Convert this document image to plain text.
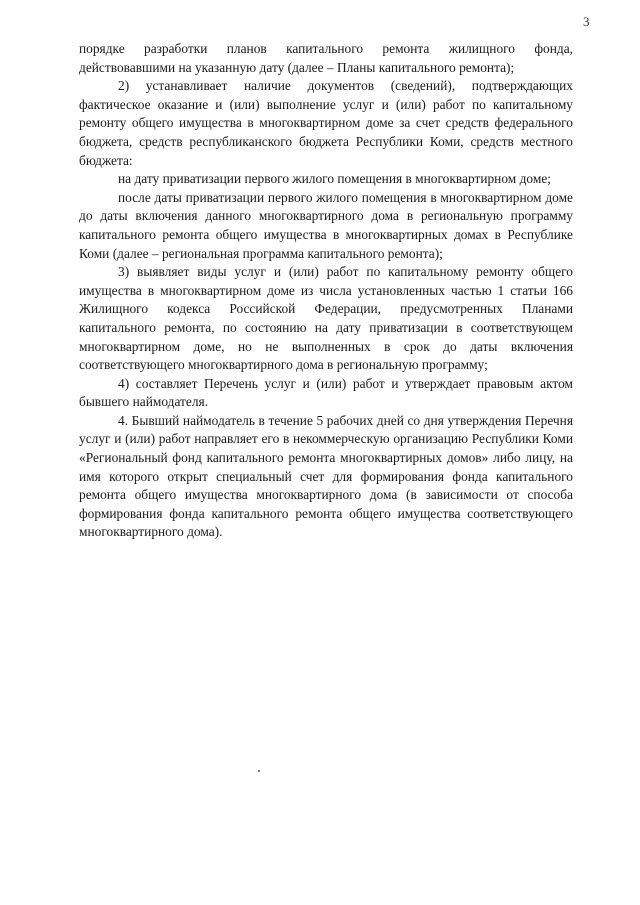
3

порядке разработки планов капитального ремонта жилищного фонда, действовавшими на указанную дату (далее – Планы капитального ремонта);

2) устанавливает наличие документов (сведений), подтверждающих фактическое оказание и (или) выполнение услуг и (или) работ по капитальному ремонту общего имущества в многоквартирном доме за счет средств федерального бюджета, средств республиканского бюджета Республики Коми, средств местного бюджета:

на дату приватизации первого жилого помещения в многоквартирном доме;

после даты приватизации первого жилого помещения в многоквартирном доме до даты включения данного многоквартирного дома в региональную программу капитального ремонта общего имущества в многоквартирных домах в Республике Коми (далее – региональная программа капитального ремонта);

3) выявляет виды услуг и (или) работ по капитальному ремонту общего имущества в многоквартирном доме из числа установленных частью 1 статьи 166 Жилищного кодекса Российской Федерации, предусмотренных Планами капитального ремонта, по состоянию на дату приватизации в соответствующем многоквартирном доме, но не выполненных в срок до даты включения соответствующего многоквартирного дома в региональную программу;

4) составляет Перечень услуг и (или) работ и утверждает правовым актом бывшего наймодателя.

4. Бывший наймодатель в течение 5 рабочих дней со дня утверждения Перечня услуг и (или) работ направляет его в некоммерческую организацию Республики Коми «Региональный фонд капитального ремонта многоквартирных домов» либо лицу, на имя которого открыт специальный счет для формирования фонда капитального ремонта общего имущества многоквартирного дома (в зависимости от способа формирования фонда капитального ремонта общего имущества соответствующего многоквартирного дома).
